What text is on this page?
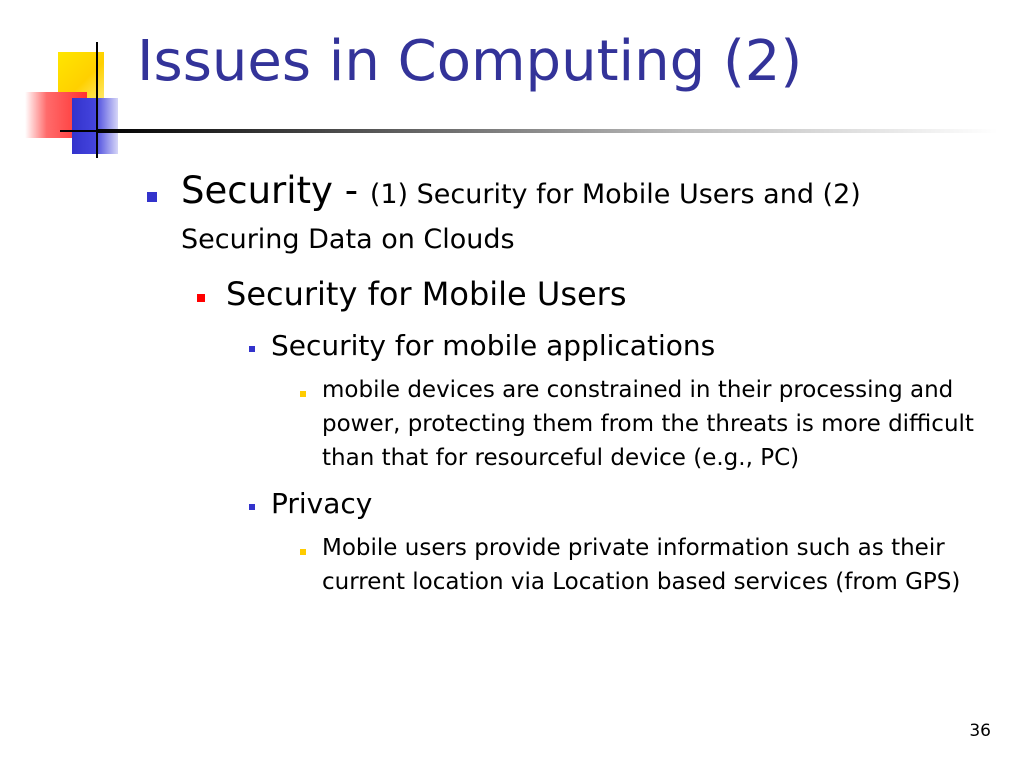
Issues in Computing (2)
Security - (1) Security for Mobile Users and (2)
Securing Data on Clouds
Security for Mobile Users
Security for mobile applications
mobile devices are constrained in their processing and
power, protecting them from the threats is more difficult
than that for resourceful device (e.g., PC)
Privacy
Mobile users provide private information such as their
current location via Location based services (from GPS)
36
